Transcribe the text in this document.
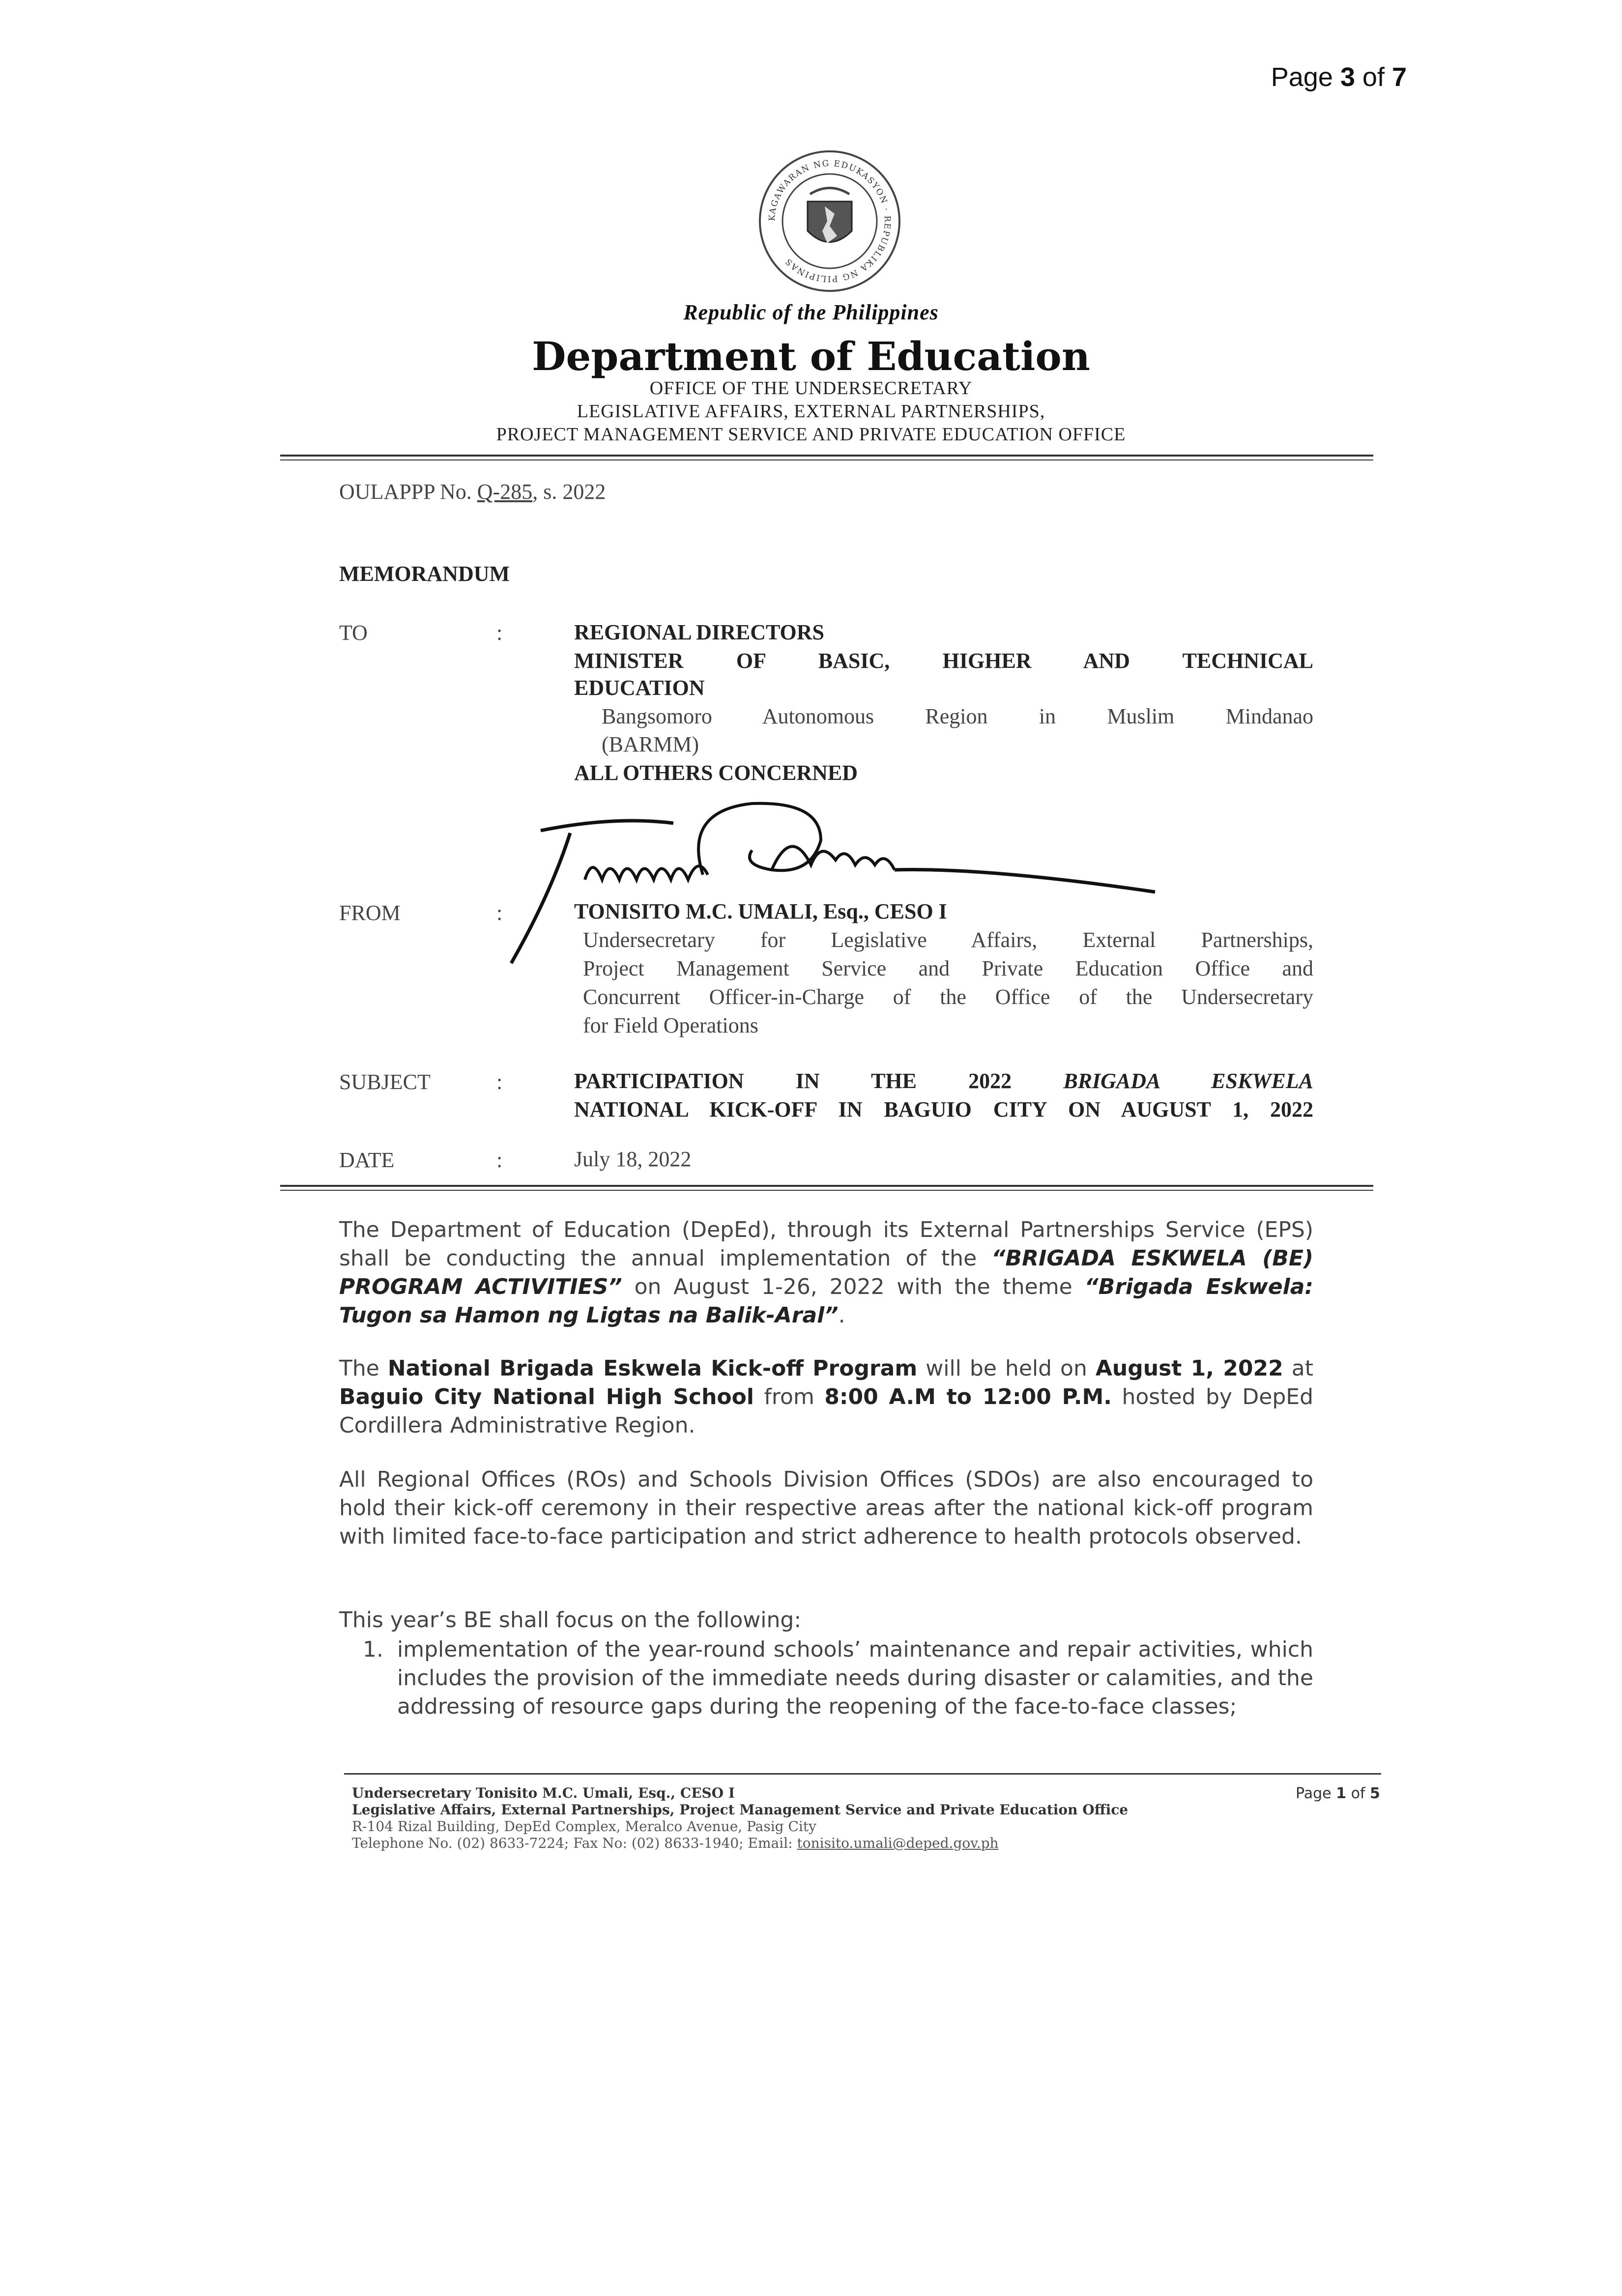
Page 3 of 7
KAGAWARAN NG EDUKASYON · REPUBLIKA NG PILIPINAS
Republic of the Philippines
Department of Education
OFFICE OF THE UNDERSECRETARY
LEGISLATIVE AFFAIRS, EXTERNAL PARTNERSHIPS,
PROJECT MANAGEMENT SERVICE AND PRIVATE EDUCATION OFFICE
OULAPPP No. Q-285, s. 2022
MEMORANDUM
TO	:	REGIONAL DIRECTORS
MINISTER OF BASIC, HIGHER AND TECHNICAL
EDUCATION
Bangsomoro Autonomous Region in Muslim Mindanao
(BARMM)
ALL OTHERS CONCERNED
FROM	:	TONISITO M.C. UMALI, Esq., CESO I
Undersecretary for Legislative Affairs, External Partnerships,
Project Management Service and Private Education Office and
Concurrent Officer-in-Charge of the Office of the Undersecretary
for Field Operations
SUBJECT	:	PARTICIPATION IN THE 2022 BRIGADA ESKWELA
NATIONAL KICK-OFF IN BAGUIO CITY ON AUGUST 1, 2022
DATE	:	July 18, 2022
The Department of Education (DepEd), through its External Partnerships Service (EPS) shall be conducting the annual implementation of the “BRIGADA ESKWELA (BE) PROGRAM ACTIVITIES” on August 1-26, 2022 with the theme “Brigada Eskwela: Tugon sa Hamon ng Ligtas na Balik-Aral”.
The National Brigada Eskwela Kick-off Program will be held on August 1, 2022 at Baguio City National High School from 8:00 A.M to 12:00 P.M. hosted by DepEd Cordillera Administrative Region.
All Regional Offices (ROs) and Schools Division Offices (SDOs) are also encouraged to hold their kick-off ceremony in their respective areas after the national kick-off program with limited face-to-face participation and strict adherence to health protocols observed.
This year’s BE shall focus on the following:
1. implementation of the year-round schools’ maintenance and repair activities, which includes the provision of the immediate needs during disaster or calamities, and the addressing of resource gaps during the reopening of the face-to-face classes;
Undersecretary Tonisito M.C. Umali, Esq., CESO I
Legislative Affairs, External Partnerships, Project Management Service and Private Education Office
R-104 Rizal Building, DepEd Complex, Meralco Avenue, Pasig City
Telephone No. (02) 8633-7224; Fax No: (02) 8633-1940; Email: tonisito.umali@deped.gov.ph
Page 1 of 5
